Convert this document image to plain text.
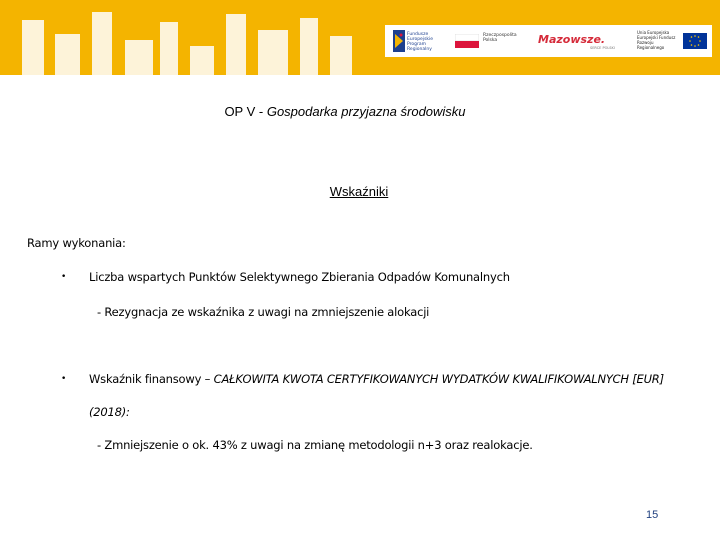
Fundusze Europejskie Program Regionalny
Rzeczpospolita Polska	Mazowsze.
SERCE POLSKI
Unia Europejska Europejski Fundusz Rozwoju Regionalnego
OP V - Gospodarka przyjazna środowisku
Wskaźniki
Ramy wykonania:
• Liczba wspartych Punktów Selektywnego Zbierania Odpadów Komunalnych
- Rezygnacja ze wskaźnika z uwagi na zmniejszenie alokacji
• Wskaźnik finansowy – CAŁKOWITA KWOTA CERTYFIKOWANYCH WYDATKÓW KWALIFIKOWALNYCH [EUR]
(2018):
- Zmniejszenie o ok. 43% z uwagi na zmianę metodologii n+3 oraz realokacje.
15
